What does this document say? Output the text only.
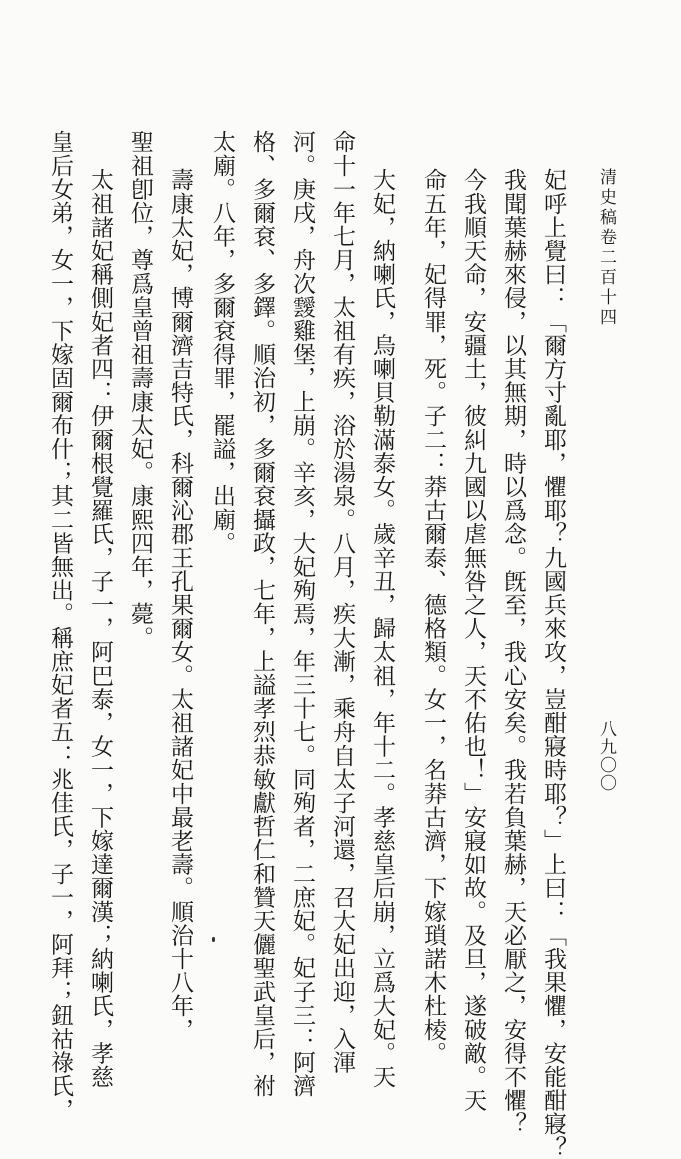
清史稿卷二百十四
八九〇〇
妃呼上覺曰：「爾方寸亂耶，懼耶？九國兵來攻，豈酣寢時耶？」上曰：「我果懼，安能酣寢？
我聞葉赫來侵，以其無期，時以爲念。旣至，我心安矣。我若負葉赫，天必厭之，安得不懼？
今我順天命，安疆土，彼糾九國以虐無咎之人，天不佑也！」安寢如故。及旦，遂破敵。天
命五年，妃得罪，死。子二：莽古爾泰、德格類。女一，名莽古濟，下嫁瑣諾木杜棱。
大妃，納喇氏，烏喇貝勒滿泰女。歲辛丑，歸太祖，年十二。孝慈皇后崩，立爲大妃。天
命十一年七月，太祖有疾，浴於湯泉。八月，疾大漸，乘舟自太子河還，召大妃出迎，入渾
河。庚戌，舟次靉雞堡，上崩。辛亥，大妃殉焉，年三十七。同殉者，二庶妃。妃子三：阿濟
格、多爾袞、多鐸。順治初，多爾袞攝政，七年，上謚孝烈恭敏獻哲仁和贊天儷聖武皇后，祔
太廟。八年，多爾袞得罪，罷謚，出廟。
壽康太妃，博爾濟吉特氏，科爾沁郡王孔果爾女。太祖諸妃中最老壽。順治十八年，
聖祖卽位，尊爲皇曾祖壽康太妃。康熙四年，薨。
太祖諸妃稱側妃者四：伊爾根覺羅氏，子一，阿巴泰，女一，下嫁達爾漢；納喇氏，孝慈
皇后女弟，女一，下嫁固爾布什；其二皆無出。稱庶妃者五：兆佳氏，子一，阿拜；鈕祜祿氏，
